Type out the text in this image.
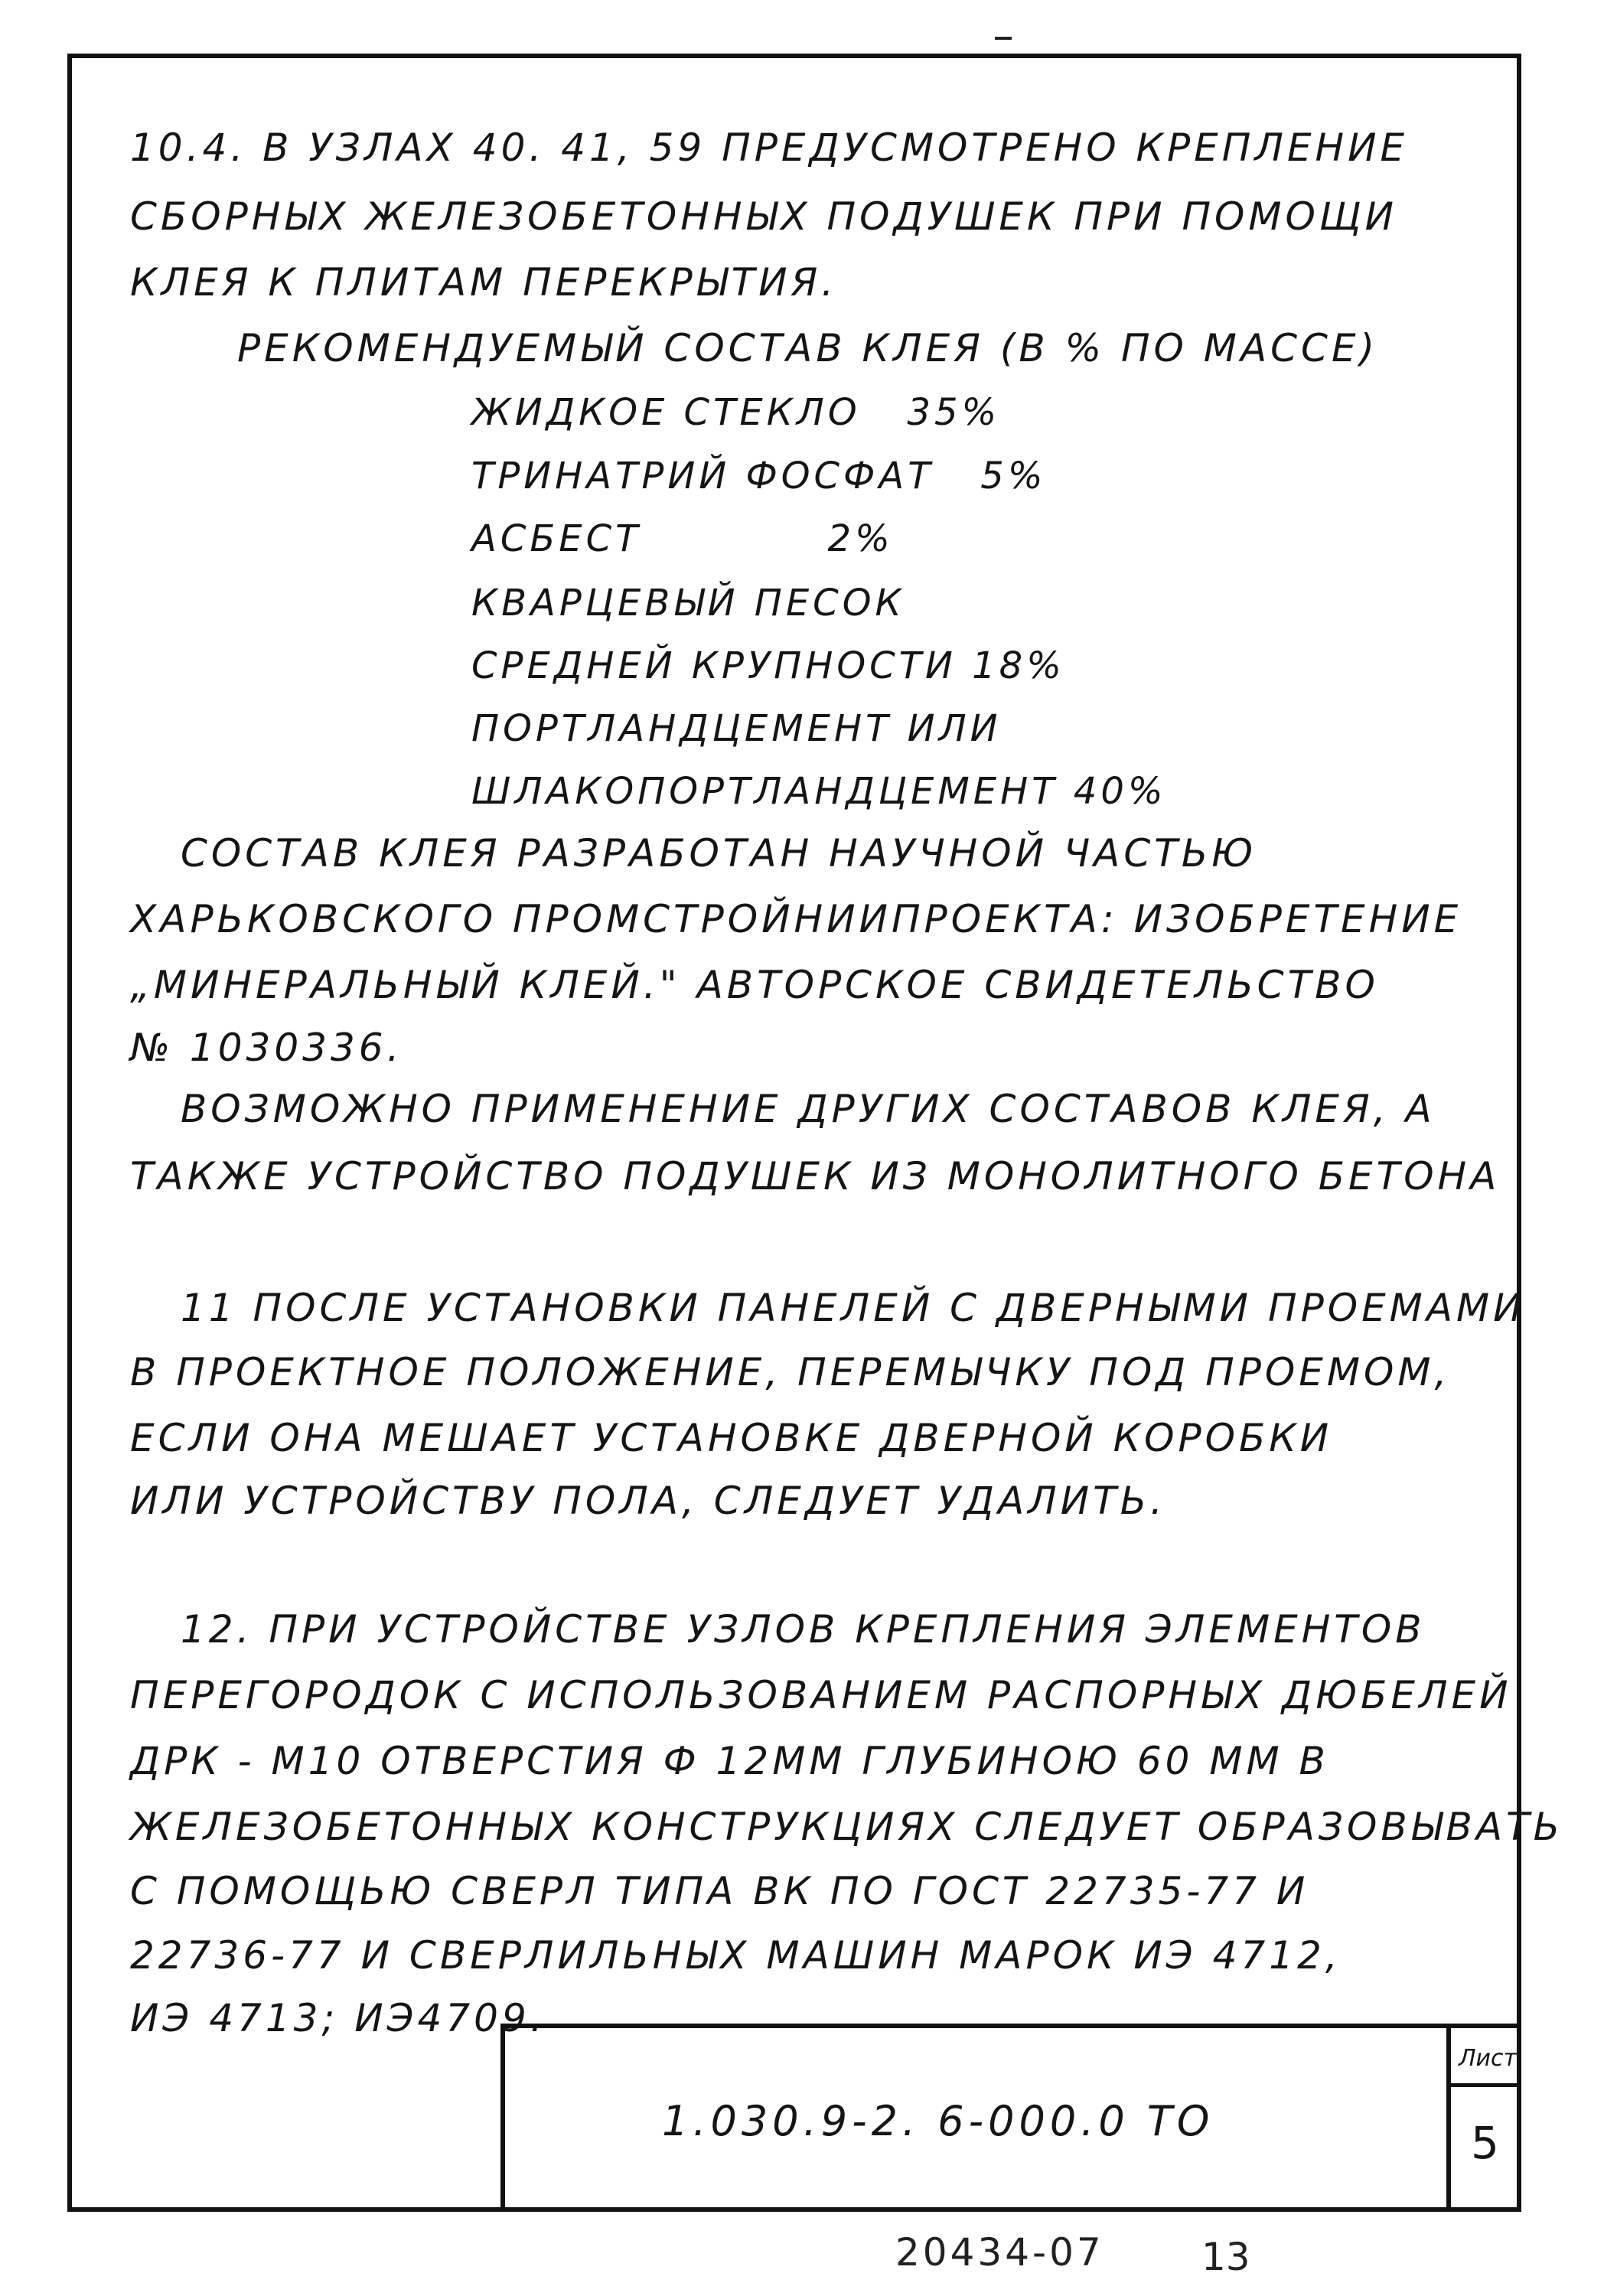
10.4. В УЗЛАХ 40. 41, 59 ПРЕДУСМОТРЕНО КРЕПЛЕНИЕ
СБОРНЫХ ЖЕЛЕЗОБЕТОННЫХ ПОДУШЕК ПРИ ПОМОЩИ
КЛЕЯ К ПЛИТАМ ПЕРЕКРЫТИЯ.
РЕКОМЕНДУЕМЫЙ СОСТАВ КЛЕЯ (В % ПО МАССЕ)
ЖИДКОЕ СТЕКЛО   35%
ТРИНАТРИЙ ФОСФАТ   5%
АСБЕСТ            2%
КВАРЦЕВЫЙ ПЕСОК
СРЕДНЕЙ КРУПНОСТИ 18%
ПОРТЛАНДЦЕМЕНТ ИЛИ
ШЛАКОПОРТЛАНДЦЕМЕНТ 40%
СОСТАВ КЛЕЯ РАЗРАБОТАН НАУЧНОЙ ЧАСТЬЮ
ХАРЬКОВСКОГО ПРОМСТРОЙНИИПРОЕКТА: ИЗОБРЕТЕНИЕ
„МИНЕРАЛЬНЫЙ КЛЕЙ." АВТОРСКОЕ СВИДЕТЕЛЬСТВО
№ 1030336.
ВОЗМОЖНО ПРИМЕНЕНИЕ ДРУГИХ СОСТАВОВ КЛЕЯ, А
ТАКЖЕ УСТРОЙСТВО ПОДУШЕК ИЗ МОНОЛИТНОГО БЕТОНА
11 ПОСЛЕ УСТАНОВКИ ПАНЕЛЕЙ С ДВЕРНЫМИ ПРОЕМАМИ
В ПРОЕКТНОЕ ПОЛОЖЕНИЕ, ПЕРЕМЫЧКУ ПОД ПРОЕМОМ,
ЕСЛИ ОНА МЕШАЕТ УСТАНОВКЕ ДВЕРНОЙ КОРОБКИ
ИЛИ УСТРОЙСТВУ ПОЛА, СЛЕДУЕТ УДАЛИТЬ.
12. ПРИ УСТРОЙСТВЕ УЗЛОВ КРЕПЛЕНИЯ ЭЛЕМЕНТОВ
ПЕРЕГОРОДОК С ИСПОЛЬЗОВАНИЕМ РАСПОРНЫХ ДЮБЕЛЕЙ
ДРК - М10 ОТВЕРСТИЯ Ф 12ММ ГЛУБИНОЮ 60 ММ В
ЖЕЛЕЗОБЕТОННЫХ КОНСТРУКЦИЯХ СЛЕДУЕТ ОБРАЗОВЫВАТЬ
С ПОМОЩЬЮ СВЕРЛ ТИПА ВК ПО ГОСТ 22735-77 И
22736-77 И СВЕРЛИЛЬНЫХ МАШИН МАРОК ИЭ 4712,
ИЭ 4713; ИЭ4709.
1.030.9-2. 6-000.0 ТО
Лист
5
20434-07	13
